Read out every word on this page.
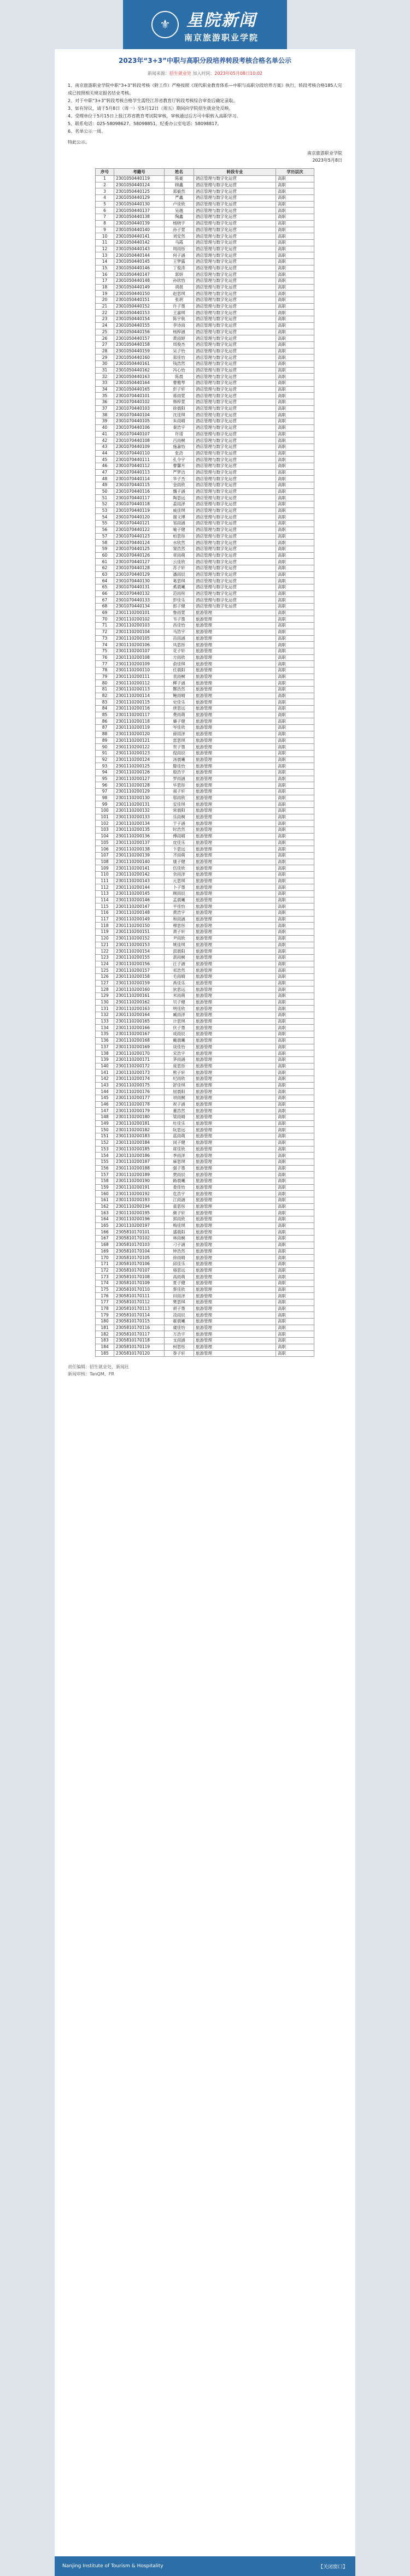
⚜ 星院新闻
南京旅游职业学院
2023年“3+3”中职与高职分段培养转段考核合格名单公示
新闻来源：招生就业处 加入时间：2023年05月08日10:02

1、南京旅游职业学院中职“3+3”转段考核（附工作）严格按照《现代职业教育体系—中职与高职分段培养方案》执行，转段考核合格185人完成已按照相关规定报名结业考核。

2、对于中职“3+3”转段考核合格学生需经江苏省教育厅转段考核综合审查后确定录取。

3、如有异议，请于5月8日（周一）至5月12日（周五）期间向学院招生就业处反映。

4、受理单位于5月15日上报江苏省教育考试院审核，审核通过后方可中职转入高职学习。

5、联系电话：025-58098627、58098851，纪委办公室电话：58098817。

6、名单公示一周。

特此公示。

南京旅游职业学院
2023年5月8日
序号	考籍号	姓名	转段专业	学历层次
1	2301050440119	陈豪	酒店管理与数字化运营	高职
2	2301050440124	顾鑫	酒店管理与数字化运营	高职
3	2301050440125	郑毅然	酒店管理与数字化运营	高职
4	2301050440129	严鑫	酒店管理与数字化运营	高职
5	2301050440130	卢佳欣	酒店管理与数字化运营	高职
6	2301050440137	吴越	酒店管理与数字化运营	高职
7	2301050440138	陶鑫	酒店管理与数字化运营	高职
8	2301050440139	杨晓宇	酒店管理与数字化运营	高职
9	2301050440140	孙子萱	酒店管理与数字化运营	高职
10	2301050440141	刘安然	酒店管理与数字化运营	高职
11	2301050440142	马霞	酒店管理与数字化运营	高职
12	2301050440143	周雨彤	酒店管理与数字化运营	高职
13	2301050440144	何子涵	酒店管理与数字化运营	高职
14	2301050440145	王梦露	酒店管理与数字化运营	高职
15	2301050440146	丁俊涛	酒店管理与数字化运营	高职
16	2301050440147	郭妍	酒店管理与数字化运营	高职
17	2301050440148	孙欣怡	酒店管理与数字化运营	高职
18	2301050440149	胡晨	酒店管理与数字化运营	高职
19	2301050440150	赵思琪	酒店管理与数字化运营	高职
20	2301050440151	张玥	酒店管理与数字化运营	高职
21	2301050440152	许子墨	酒店管理与数字化运营	高职
22	2301050440153	王嘉琪	酒店管理与数字化运营	高职
23	2301050440154	陈宇航	酒店管理与数字化运营	高职
24	2301050440155	李诗雨	酒店管理与数字化运营	高职
25	2301050440156	杨梓涵	酒店管理与数字化运营	高职
26	2301050440157	黄雨婷	酒店管理与数字化运营	高职
27	2301050440158	周俊杰	酒店管理与数字化运营	高职
28	2301050440159	吴子怡	酒店管理与数字化运营	高职
29	2301050440160	郑佳怡	酒店管理与数字化运营	高职
30	2301050440161	钱浩然	酒店管理与数字化运营	高职
31	2301050440162	冯心怡	酒店管理与数字化运营	高职
32	2301050440163	陈晨	酒店管理与数字化运营	高职
33	2301050440164	曹雅琴	酒店管理与数字化运营	高职
34	2301050440165	彭子轩	酒店管理与数字化运营	高职
35	2301070440101	蒋雨萱	酒店管理与数字化运营	高职
36	2301070440102	韩梓萱	酒店管理与数字化运营	高职
37	2301070440103	徐晨阳	酒店管理与数字化运营	高职
38	2301070440104	沈佳琪	酒店管理与数字化运营	高职
39	2301070440105	朱雨晴	酒店管理与数字化运营	高职
40	2301070440106	秦浩宇	酒店管理与数字化运营	高职
41	2301070440107	许诺	酒店管理与数字化运营	高职
42	2301070440108	吕雨桐	酒店管理与数字化运营	高职
43	2301070440109	施嘉怡	酒店管理与数字化运营	高职
44	2301070440110	张浩	酒店管理与数字化运营	高职
45	2301070440111	孔令宇	酒店管理与数字化运营	高职
46	2301070440112	曹馨月	酒店管理与数字化运营	高职
47	2301070440113	严梦洁	酒店管理与数字化运营	高职
48	2301070440114	华子杰	酒店管理与数字化运营	高职
49	2301070440115	金雨欣	酒店管理与数字化运营	高职
50	2301070440116	魏子涵	酒店管理与数字化运营	高职
51	2301070440117	陶思远	酒店管理与数字化运营	高职
52	2301070440118	姜雨泽	酒店管理与数字化运营	高职
53	2301070440119	戚佳琪	酒店管理与数字化运营	高职
54	2301070440120	谢文博	酒店管理与数字化运营	高职
55	2301070440121	邹雨涵	酒店管理与数字化运营	高职
56	2301070440122	喻子健	酒店管理与数字化运营	高职
57	2301070440123	柏思彤	酒店管理与数字化运营	高职
58	2301070440124	水欣然	酒店管理与数字化运营	高职
59	2301070440125	窦浩然	酒店管理与数字化运营	高职
60	2301070440126	章雨萌	酒店管理与数字化运营	高职
61	2301070440127	云佳欣	酒店管理与数字化运营	高职
62	2301070440128	苏子轩	酒店管理与数字化运营	高职
63	2301070440129	潘雨辰	酒店管理与数字化运营	高职
64	2301070440130	葛思琪	酒店管理与数字化运营	高职
65	2301070440131	奚晨曦	酒店管理与数字化运营	高职
66	2301070440132	范雨彤	酒店管理与数字化运营	高职
67	2301070440133	彭佳乐	酒店管理与数字化运营	高职
68	2301070440134	郎子健	酒店管理与数字化运营	高职
69	2301110200101	鲁雨萱	旅游管理	高职
70	2301110200102	韦子墨	旅游管理	高职
71	2301110200103	昌佳怡	旅游管理	高职
72	2301110200104	马浩宇	旅游管理	高职
73	2301110200105	苗雨涵	旅游管理	高职
74	2301110200106	凤思彤	旅游管理	高职
75	2301110200107	花子轩	旅游管理	高职
76	2301110200108	方雨欣	旅游管理	高职
77	2301110200109	俞佳琪	旅游管理	高职
78	2301110200110	任晨阳	旅游管理	高职
79	2301110200111	袁雨桐	旅游管理	高职
80	2301110200112	柳子涵	旅游管理	高职
81	2301110200113	酆浩然	旅游管理	高职
82	2301110200114	鲍雨晴	旅游管理	高职
83	2301110200115	史佳乐	旅游管理	高职
84	2301110200116	唐思远	旅游管理	高职
85	2301110200117	费雨萌	旅游管理	高职
86	2301110200118	廉子健	旅游管理	高职
87	2301110200119	岑佳欣	旅游管理	高职
88	2301110200120	薛雨泽	旅游管理	高职
89	2301110200121	雷思琪	旅游管理	高职
90	2301110200122	贺子墨	旅游管理	高职
91	2301110200123	倪雨辰	旅游管理	高职
92	2301110200124	汤晨曦	旅游管理	高职
93	2301110200125	滕佳怡	旅游管理	高职
94	2301110200126	殷浩宇	旅游管理	高职
95	2301110200127	罗雨涵	旅游管理	高职
96	2301110200128	毕思彤	旅游管理	高职
97	2301110200129	郝子轩	旅游管理	高职
98	2301110200130	邬雨欣	旅游管理	高职
99	2301110200131	安佳琪	旅游管理	高职
100	2301110200132	常晨阳	旅游管理	高职
101	2301110200133	乐雨桐	旅游管理	高职
102	2301110200134	于子涵	旅游管理	高职
103	2301110200135	时浩然	旅游管理	高职
104	2301110200136	傅雨晴	旅游管理	高职
105	2301110200137	皮佳乐	旅游管理	高职
106	2301110200138	卞思远	旅游管理	高职
107	2301110200139	齐雨萌	旅游管理	高职
108	2301110200140	康子健	旅游管理	高职
109	2301110200141	伍佳欣	旅游管理	高职
110	2301110200142	余雨泽	旅游管理	高职
111	2301110200143	元思琪	旅游管理	高职
112	2301110200144	卜子墨	旅游管理	高职
113	2301110200145	顾雨辰	旅游管理	高职
114	2301110200146	孟晨曦	旅游管理	高职
115	2301110200147	平佳怡	旅游管理	高职
116	2301110200148	黄浩宇	旅游管理	高职
117	2301110200149	和雨涵	旅游管理	高职
118	2301110200150	穆思彤	旅游管理	高职
119	2301110200151	萧子轩	旅游管理	高职
120	2301110200152	尹雨欣	旅游管理	高职
121	2301110200153	姚佳琪	旅游管理	高职
122	2301110200154	邵晨阳	旅游管理	高职
123	2301110200155	湛雨桐	旅游管理	高职
124	2301110200156	汪子涵	旅游管理	高职
125	2301110200157	祁浩然	旅游管理	高职
126	2301110200158	毛雨晴	旅游管理	高职
127	2301110200159	禹佳乐	旅游管理	高职
128	2301110200160	狄思远	旅游管理	高职
129	2301110200161	米雨萌	旅游管理	高职
130	2301110200162	贝子健	旅游管理	高职
131	2301110200163	明佳欣	旅游管理	高职
132	2301110200164	臧雨泽	旅游管理	高职
133	2301110200165	计思琪	旅游管理	高职
134	2301110200166	伏子墨	旅游管理	高职
135	2301110200167	成雨辰	旅游管理	高职
136	2301110200168	戴晨曦	旅游管理	高职
137	2301110200169	谈佳怡	旅游管理	高职
138	2301110200170	宋浩宇	旅游管理	高职
139	2301110200171	茅雨涵	旅游管理	高职
140	2301110200172	庞思彤	旅游管理	高职
141	2301110200173	熊子轩	旅游管理	高职
142	2301110200174	纪雨欣	旅游管理	高职
143	2301110200175	舒佳琪	旅游管理	高职
144	2301110200176	屈晨阳	旅游管理	高职
145	2301110200177	项雨桐	旅游管理	高职
146	2301110200178	祝子涵	旅游管理	高职
147	2301110200179	董浩然	旅游管理	高职
148	2301110200180	梁雨晴	旅游管理	高职
149	2301110200181	杜佳乐	旅游管理	高职
150	2301110200182	阮思远	旅游管理	高职
151	2301110200183	蓝雨萌	旅游管理	高职
152	2301110200184	闵子健	旅游管理	高职
153	2301110200185	席佳欣	旅游管理	高职
154	2301110200186	季雨泽	旅游管理	高职
155	2301110200187	麻思琪	旅游管理	高职
156	2301110200188	强子墨	旅游管理	高职
157	2301110200189	贾雨辰	旅游管理	高职
158	2301110200190	路晨曦	旅游管理	高职
159	2301110200191	娄佳怡	旅游管理	高职
160	2301110200192	危浩宇	旅游管理	高职
161	2301110200193	江雨涵	旅游管理	高职
162	2301110200194	童思彤	旅游管理	高职
163	2301110200195	颜子轩	旅游管理	高职
164	2301110200196	郭雨欣	旅游管理	高职
165	2301110200197	梅佳琪	旅游管理	高职
166	2305810170101	盛晨阳	旅游管理	高职
167	2305810170102	林雨桐	旅游管理	高职
168	2305810170103	刁子涵	旅游管理	高职
169	2305810170104	钟浩然	旅游管理	高职
170	2305810170105	徐雨晴	旅游管理	高职
171	2305810170106	邱佳乐	旅游管理	高职
172	2305810170107	骆思远	旅游管理	高职
173	2305810170108	高雨萌	旅游管理	高职
174	2305810170109	夏子健	旅游管理	高职
175	2305810170110	蔡佳欣	旅游管理	高职
176	2305810170111	田雨泽	旅游管理	高职
177	2305810170112	樊思琪	旅游管理	高职
178	2305810170113	胡子墨	旅游管理	高职
179	2305810170114	凌雨辰	旅游管理	高职
180	2305810170115	霍晨曦	旅游管理	高职
181	2305810170116	虞佳怡	旅游管理	高职
182	2305810170117	万浩宇	旅游管理	高职
183	2305810170118	支雨涵	旅游管理	高职
184	2305810170119	柯思彤	旅游管理	高职
185	2305810170120	昝子轩	旅游管理	高职
责任编辑：招生就业处、新闻社
新闻审核：TanQM、FR
Nanjing Institute of Tourism & Hospitality	【关闭窗口】
